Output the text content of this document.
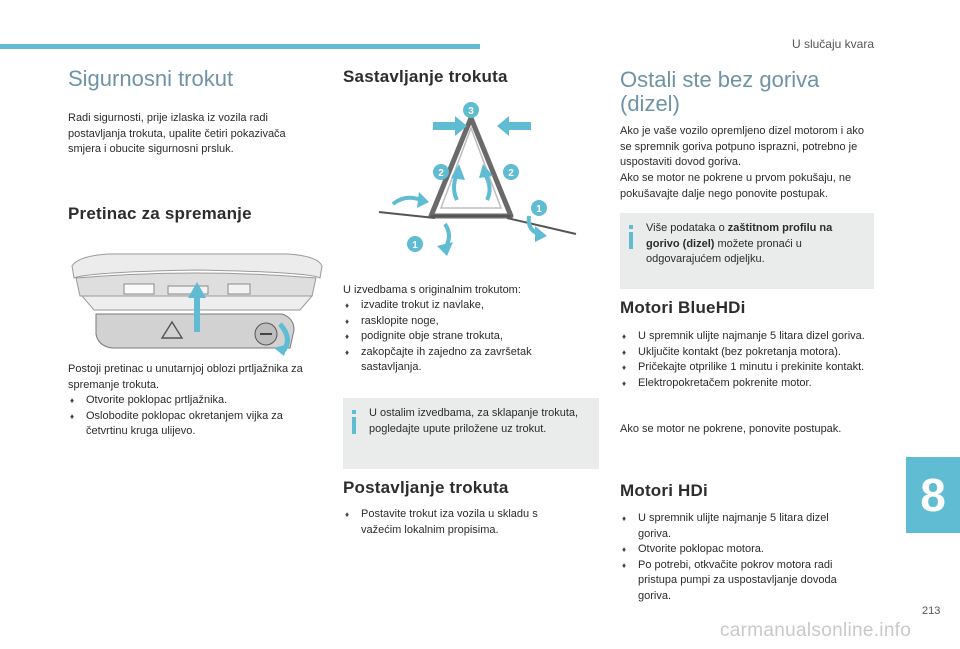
U slučaju kvara
Sigurnosni trokut

Radi sigurnosti, prije izlaska iz vozila radi postavljanja trokuta, upalite četiri pokazivača smjera i obucite sigurnosni prsluk.

Pretinac za spremanje

Postoji pretinac u unutarnjoj oblozi prtljažnika za spremanje trokuta.

♦ Otvorite poklopac prtljažnika.
♦ Oslobodite poklopac okretanjem vijka za četvrtinu kruga ulijevo.
Sastavljanje trokuta
3
2	2
1
1

U izvedbama s originalnim trokutom:

♦ izvadite trokut iz navlake,
♦ rasklopite noge,
♦ podignite obje strane trokuta,
♦ zakopčajte ih zajedno za završetak sastavljanja.

U ostalim izvedbama, za sklapanje trokuta, pogledajte upute priložene uz trokut.

Postavljanje trokuta
♦ Postavite trokut iza vozila u skladu s važećim lokalnim propisima.
Ostali ste bez goriva (dizel)

Ako je vaše vozilo opremljeno dizel motorom i ako se spremnik goriva potpuno isprazni, potrebno je uspostaviti dovod goriva.

Ako se motor ne pokrene u prvom pokušaju, ne pokušavajte dalje nego ponovite postupak.

Više podataka o zaštitnom profilu na gorivo (dizel) možete pronaći u odgovarajućem odjeljku.

Motori BlueHDi
♦ U spremnik ulijte najmanje 5 litara dizel goriva.
♦ Uključite kontakt (bez pokretanja motora).
♦ Pričekajte otprilike 1 minutu i prekinite kontakt.
♦ Elektropokretačem pokrenite motor.

Ako se motor ne pokrene, ponovite postupak.

Motori HDi
♦ U spremnik ulijte najmanje 5 litara dizel goriva.
♦ Otvorite poklopac motora.
♦ Po potrebi, otkvačite pokrov motora radi pristupa pumpi za uspostavljanje dovoda goriva.
8
213
carmanualsonline.info
